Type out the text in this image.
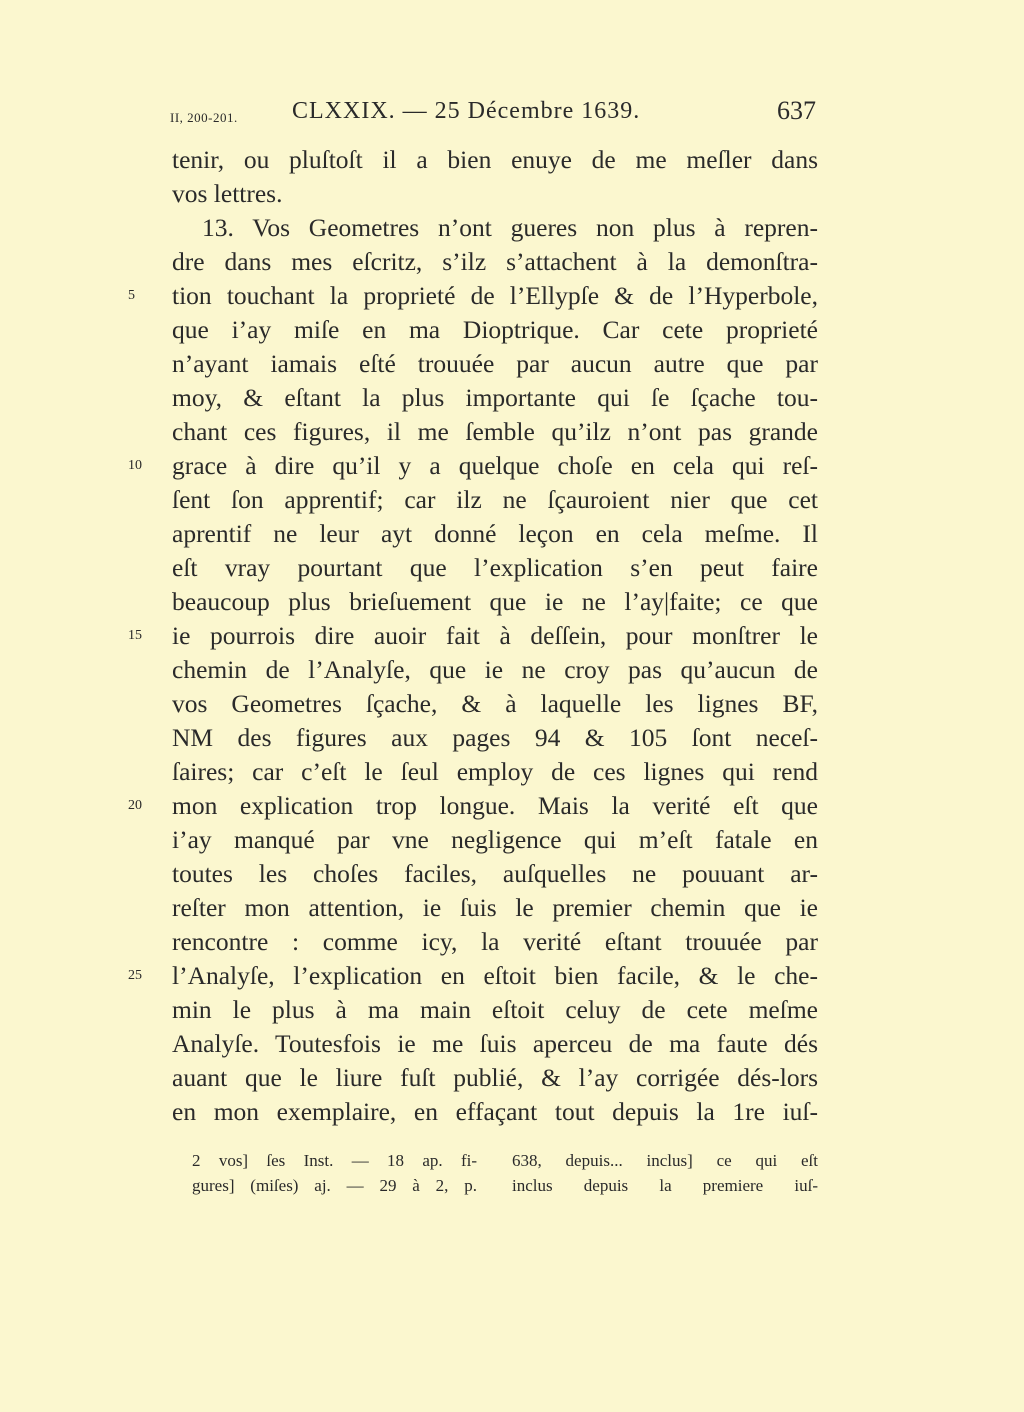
II, 200-201. CLXXIX. — 25 Décembre 1639.	637
tenir, ou pluſtoſt il a bien enuye de me meſler dans
vos lettres.
13. Vos Geometres n’ont gueres non plus à repren-
dre dans mes eſcritz, s’ilz s’attachent à la demonſtra-
tion touchant la proprieté de l’Ellypſe & de l’Hyperbole,
5
que i’ay miſe en ma Dioptrique. Car cete proprieté
n’ayant iamais eſté trouuée par aucun autre que par
moy, & eſtant la plus importante qui ſe ſçache tou-
chant ces figures, il me ſemble qu’ilz n’ont pas grande
grace à dire qu’il y a quelque choſe en cela qui reſ-
10
ſent ſon apprentif; car ilz ne ſçauroient nier que cet
aprentif ne leur ayt donné leçon en cela meſme. Il
eſt vray pourtant que l’explication s’en peut faire
beaucoup plus brieſuement que ie ne l’ay|faite; ce que
ie pourrois dire auoir fait à deſſein, pour monſtrer le
15
chemin de l’Analyſe, que ie ne croy pas qu’aucun de
vos Geometres ſçache, & à laquelle les lignes BF,
NM des figures aux pages 94 & 105 ſont neceſ-
ſaires; car c’eſt le ſeul employ de ces lignes qui rend
mon explication trop longue. Mais la verité eſt que
20
i’ay manqué par vne negligence qui m’eſt fatale en
toutes les choſes faciles, auſquelles ne pouuant ar-
reſter mon attention, ie ſuis le premier chemin que ie
rencontre : comme icy, la verité eſtant trouuée par
l’Analyſe, l’explication en eſtoit bien facile, & le che-
25
min le plus à ma main eſtoit celuy de cete meſme
Analyſe. Toutesfois ie me ſuis aperceu de ma faute dés
auant que le liure fuſt publié, & l’ay corrigée dés-lors
en mon exemplaire, en effaçant tout depuis la 1re iuſ-
2 vos] ſes Inst. — 18 ap. fi-
gures] (miſes) aj. — 29 à 2, p.
638, depuis... inclus] ce qui eſt
inclus depuis la premiere iuſ-
